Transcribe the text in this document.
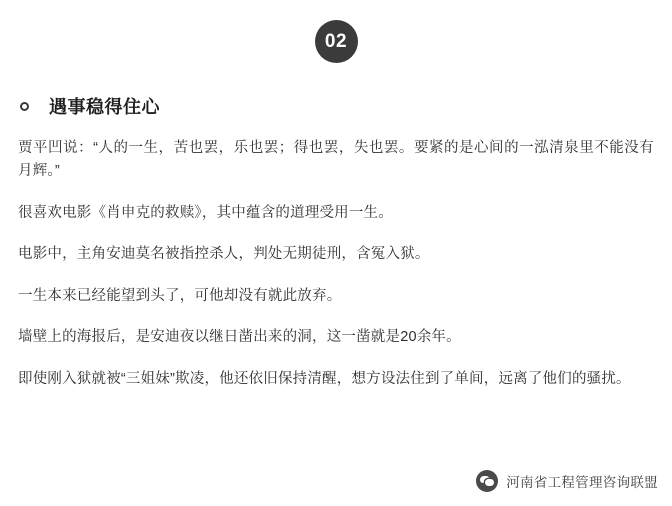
02
遇事稳得住心

贾平凹说：“人的一生，苦也罢，乐也罢；得也罢，失也罢。要紧的是心间的一泓清泉里不能没有月辉。”

很喜欢电影《肖申克的救赎》，其中蕴含的道理受用一生。

电影中，主角安迪莫名被指控杀人，判处无期徒刑，含冤入狱。

一生本来已经能望到头了，可他却没有就此放弃。

墙壁上的海报后，是安迪夜以继日凿出来的洞，这一凿就是20余年。

即使刚入狱就被“三姐妹”欺凌，他还依旧保持清醒，想方设法住到了单间，远离了他们的骚扰。

河南省工程管理咨询联盟
